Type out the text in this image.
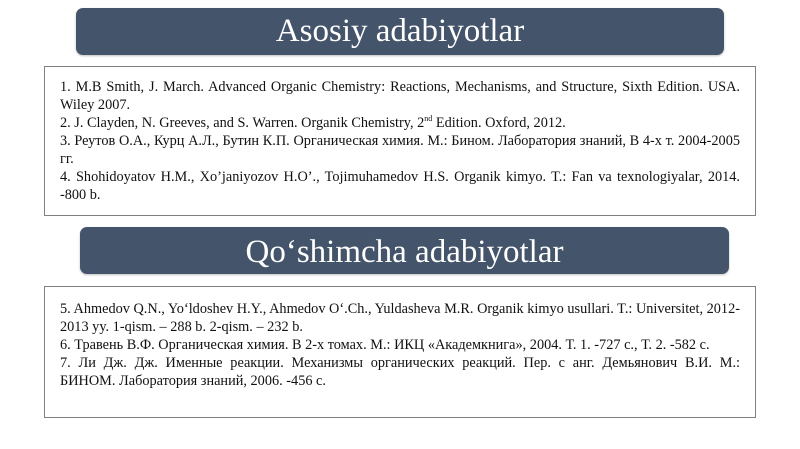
Asosiy adabiyotlar

1. M.B Smith, J. March. Advanced Organic Chemistry: Reactions, Mechanisms, and Structure, Sixth Edition. USA. Wiley 2007.

2. J. Clayden, N. Greeves, and S. Warren. Organik Chemistry, 2nd Edition. Oxford, 2012.

3. Реутов О.А., Курц А.Л., Бутин К.П. Органическая химия. М.: Бином. Лаборатория знаний, В 4-х т. 2004-2005 гг.

4. Shohidoyatov H.M., Xo’janiyozov H.O’., Tojimuhamedov H.S. Organik kimyo. T.: Fan va texnologiyalar, 2014. -800 b.

Qo‘shimcha adabiyotlar

5. Ahmedov Q.N., Yo‘ldoshev H.Y., Ahmedov O‘.Ch., Yuldasheva M.R. Organik kimyo usullari. T.: Universitet, 2012-2013 yy. 1-qism. – 288 b. 2-qism. – 232 b.

6. Травень В.Ф. Органическая химия. В 2-х томах. М.: ИКЦ «Академкнига», 2004. Т. 1. -727 с., Т. 2. -582 с.

7. Ли Дж. Дж. Именные реакции. Механизмы органических реакций. Пер. с анг. Демьянович В.И. М.: БИНОМ. Лаборатория знаний, 2006. -456 с.
